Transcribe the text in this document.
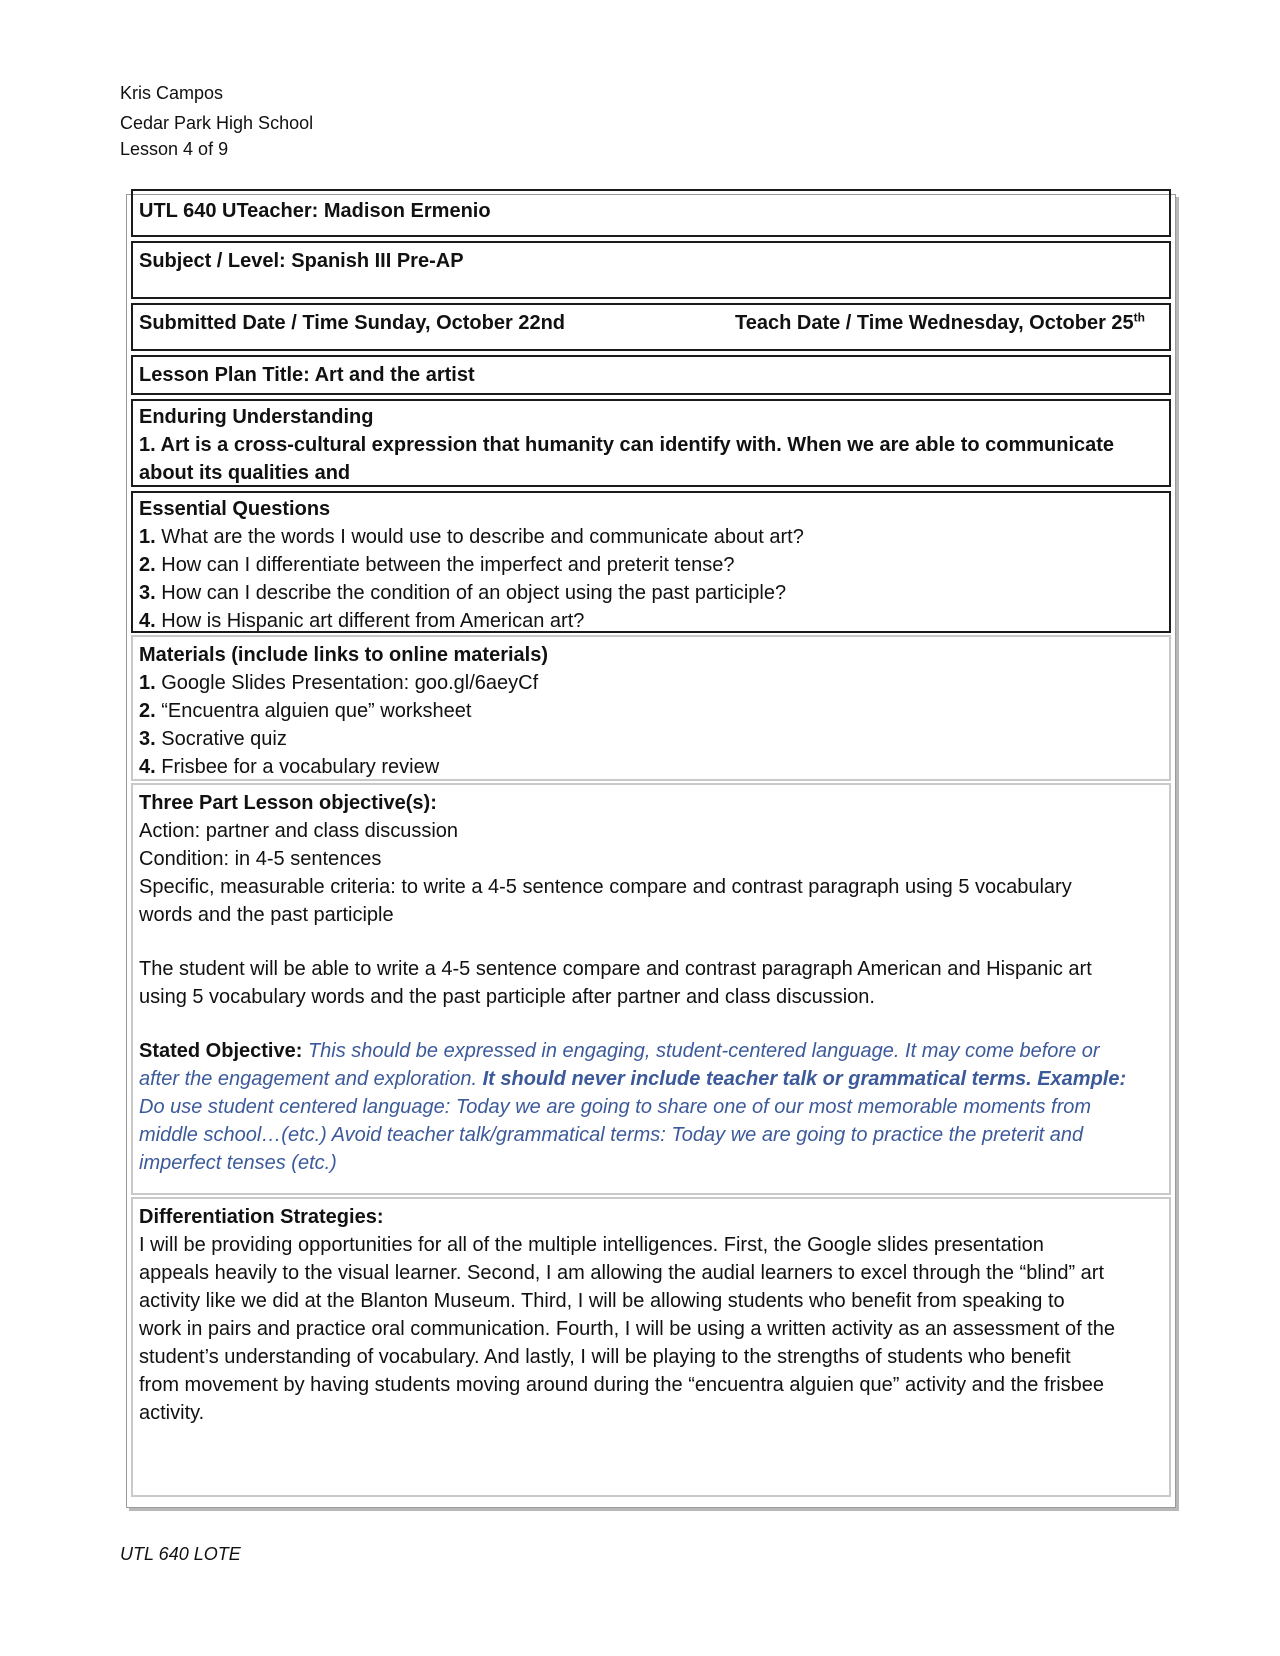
Kris Campos
Cedar Park High School
Lesson 4 of 9
UTL 640 UTeacher: Madison Ermenio
Subject / Level: Spanish III Pre-AP
Submitted Date / Time Sunday, October 22nd	Teach Date / Time Wednesday, October 25th
Lesson Plan Title: Art and the artist
Enduring Understanding
1. Art is a cross-cultural expression that humanity can identify with. When we are able to communicate
about its qualities and
Essential Questions
1. What are the words I would use to describe and communicate about art?
2. How can I differentiate between the imperfect and preterit tense?
3. How can I describe the condition of an object using the past participle?
4. How is Hispanic art different from American art?
Materials (include links to online materials)
1. Google Slides Presentation: goo.gl/6aeyCf
2. “Encuentra alguien que” worksheet
3. Socrative quiz
4. Frisbee for a vocabulary review
Three Part Lesson objective(s):
Action: partner and class discussion
Condition: in 4-5 sentences
Specific, measurable criteria: to write a 4-5 sentence compare and contrast paragraph using 5 vocabulary
words and the past participle
The student will be able to write a 4-5 sentence compare and contrast paragraph American and Hispanic art
using 5 vocabulary words and the past participle after partner and class discussion.
Stated Objective: This should be expressed in engaging, student-centered language. It may come before or
after the engagement and exploration. It should never include teacher talk or grammatical terms. Example:
Do use student centered language: Today we are going to share one of our most memorable moments from
middle school…(etc.) Avoid teacher talk/grammatical terms: Today we are going to practice the preterit and
imperfect tenses (etc.)
Differentiation Strategies:
I will be providing opportunities for all of the multiple intelligences. First, the Google slides presentation
appeals heavily to the visual learner. Second, I am allowing the audial learners to excel through the “blind” art
activity like we did at the Blanton Museum. Third, I will be allowing students who benefit from speaking to
work in pairs and practice oral communication. Fourth, I will be using a written activity as an assessment of the
student’s understanding of vocabulary. And lastly, I will be playing to the strengths of students who benefit
from movement by having students moving around during the “encuentra alguien que” activity and the frisbee
activity.
UTL 640 LOTE
